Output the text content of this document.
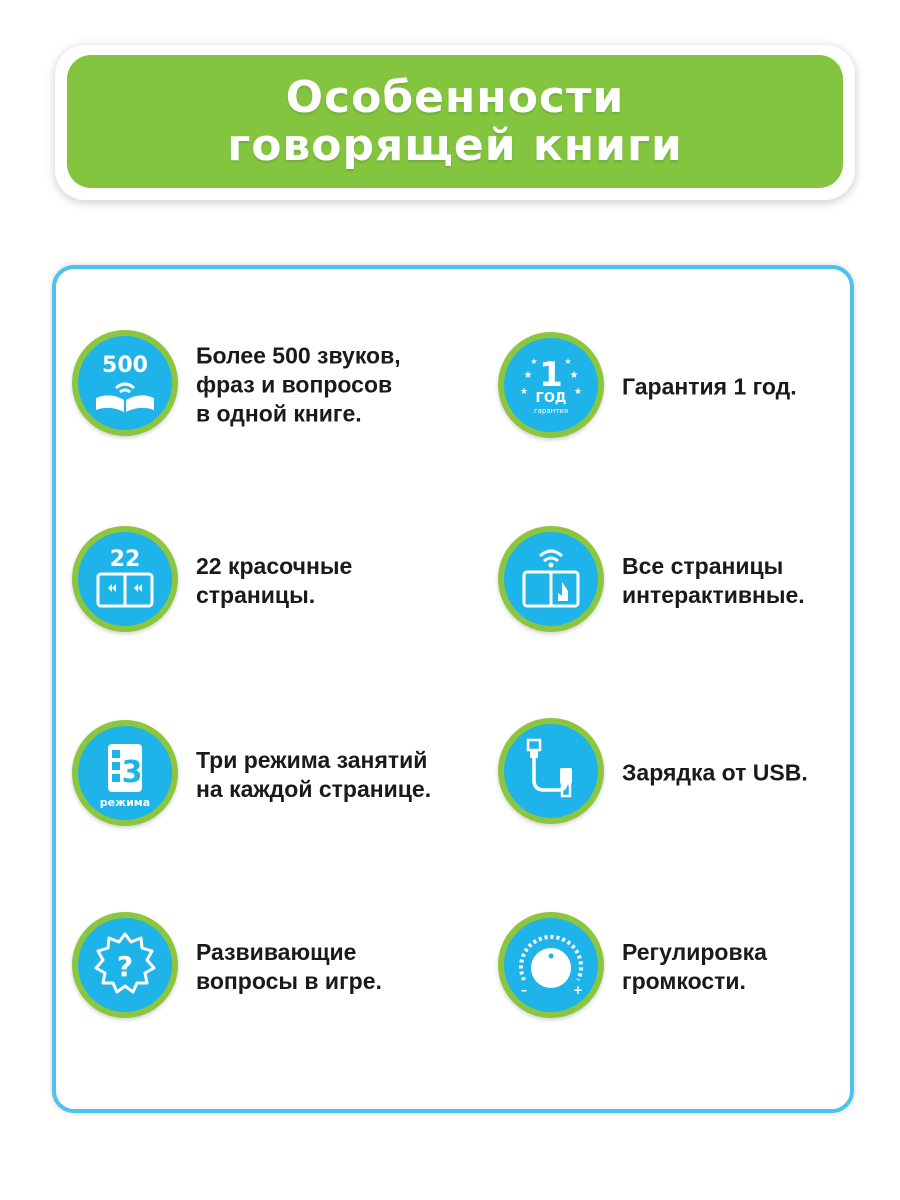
Особенности
говорящей книги
500 Более 500 звуков,
фраз и вопросов
в одной книге.
1
ГОД
гарантия
★	★
★	★
★	★
Гарантия 1 год.
22 22 красочные
страницы.
Все страницы
интерактивные.
3
режима
Три режима занятий
на каждой странице.
Зарядка от USB.
?	Развивающие
вопросы в игре.	–	+
Регулировка
громкости.
